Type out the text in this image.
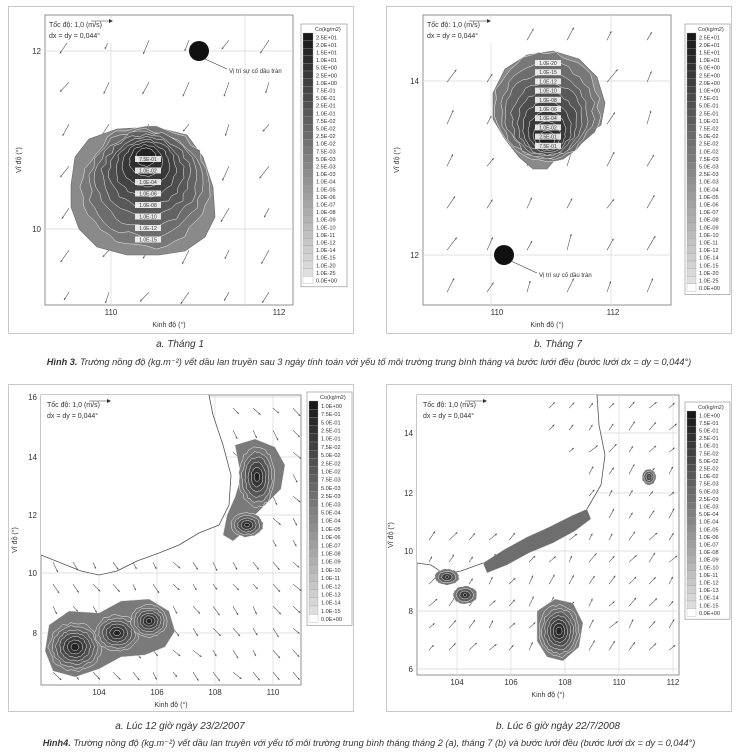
7.5E-01
1.0E-02
1.0E-04
1.0E-06
1.0E-08
1.0E-10
1.0E-12
1.0E-15
Vị trí sự cố dầu tràn
Tốc độ: 1,0 (m/s)
dx = dy = 0,044°
Co(kg/m2)
2.5E+01
2.0E+01
1.5E+01
1.0E+01
5.0E+00
2.5E+00
1.0E+00
7.5E-01
5.0E-01
2.5E-01
1.0E-01
7.5E-02
5.0E-02
2.5E-02
1.0E-02
7.5E-03
5.0E-03
2.5E-03
1.0E-03
1.0E-04
1.0E-05
1.0E-06
1.0E-07
1.0E-08
1.0E-09
1.0E-10
1.0E-11
1.0E-12
1.0E-14
1.0E-15
1.0E-20
1.0E-25
0.0E+00
110	112
12
10
Kinh độ (°)
Vĩ độ (°)
a. Tháng 1
1.0E-20
1.0E-15
1.0E-12
1.0E-10
1.0E-08
1.0E-06
1.0E-04
1.0E-02
2.5E-01
7.5E-01
Vị trí sự cố dầu tràn
Tốc độ: 1,0 (m/s)
dx = dy = 0,044°
Co(kg/m2)
2.5E+01
2.0E+01
1.5E+01
1.0E+01
5.0E+00
2.5E+00
2.0E+00
1.0E+00
7.5E-01
5.0E-01
2.5E-01
1.0E-01
7.5E-02
5.0E-02
2.5E-02
1.0E-02
7.5E-03
5.0E-03
2.5E-03
1.0E-03
1.0E-04
1.0E-05
1.0E-06
1.0E-07
1.0E-08
1.0E-09
1.0E-10
1.0E-11
1.0E-12
1.0E-14
1.0E-15
1.0E-20
1.0E-25
0.0E+00
110	112
14
12
Kinh độ (°)
Vĩ độ (°)
b. Tháng 7
Hình 3. Trường nồng độ (kg.m⁻²) vết dầu lan truyền sau 3 ngày tính toán với yếu tố môi trường trung bình tháng và bước lưới đều (bước lưới dx = dy = 0,044°)
Tốc độ: 1,0 (m/s)
dx = dy = 0,044°
Co(kg/m2)
1.0E+00
7.5E-01
5.0E-01
2.5E-01
1.0E-01
7.5E-02
5.0E-02
2.5E-02
1.0E-02
7.5E-03
5.0E-03
2.5E-03
1.0E-03
5.0E-04
1.0E-04
1.0E-05
1.0E-06
1.0E-07
1.0E-08
1.0E-09
1.0E-10
1.0E-11
1.0E-12
1.0E-13
1.0E-14
1.0E-15
0.0E+00
104	106	108	110
16
14
12
10
8
Kinh độ (°)
Vĩ độ (°)
a. Lúc 12 giờ ngày 23/2/2007
Tốc độ: 1,0 (m/s)
dx = dy = 0,044°
Co(kg/m2)
1.0E+00
7.5E-01
5.0E-01
2.5E-01
1.0E-01
7.5E-02
5.0E-02
2.5E-02
1.0E-02
7.5E-03
5.0E-03
2.5E-03
1.0E-03
5.0E-04
1.0E-04
1.0E-05
1.0E-06
1.0E-07
1.0E-08
1.0E-09
1.0E-10
1.0E-11
1.0E-12
1.0E-13
1.0E-14
1.0E-15
0.0E+00
104	106	108	110	112
14
12
10
8
6
Kinh độ (°)
Vĩ độ (°)
b. Lúc 6 giờ ngày 22/7/2008
Hình4. Trường nồng độ (kg.m⁻²) vết dầu lan truyền với yếu tố môi trường trung bình tháng tháng 2 (a), tháng 7 (b) và bước lưới đều (bước lưới dx = dy = 0,044°)
